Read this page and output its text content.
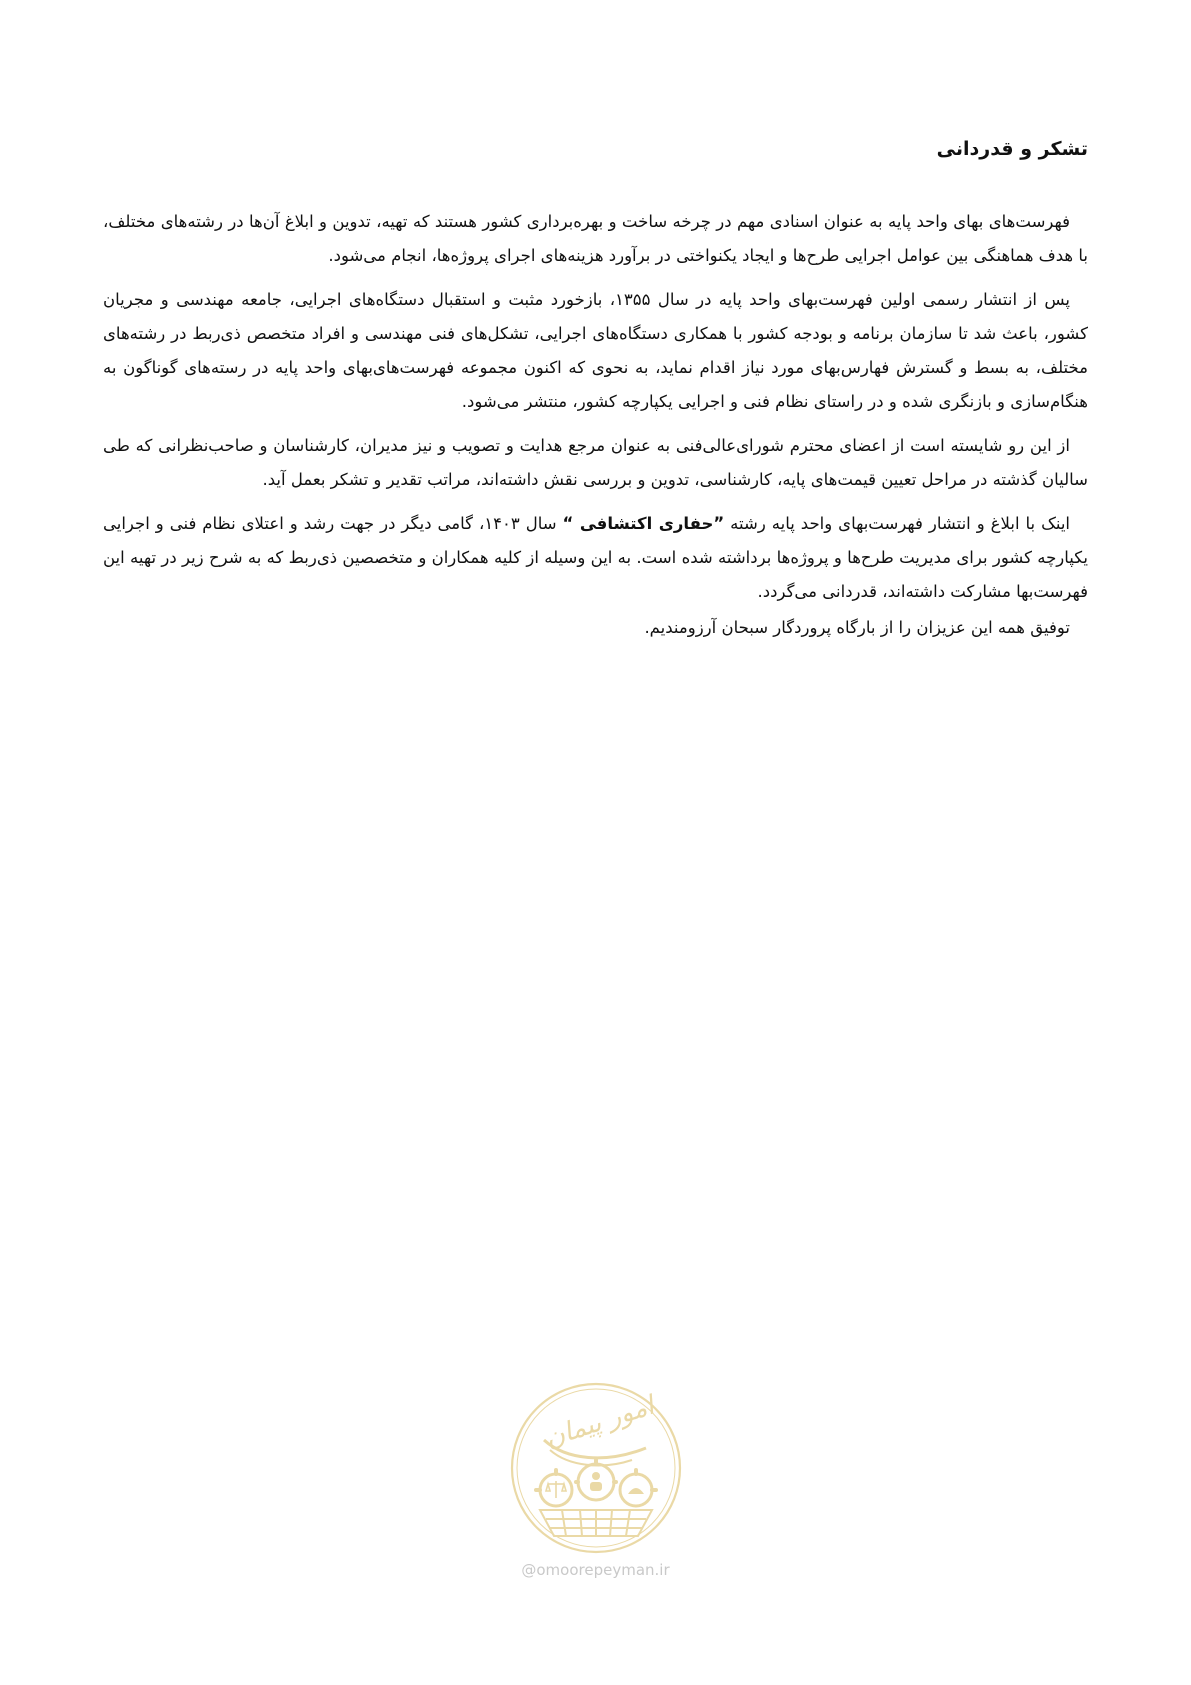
تشکر و قدردانی

فهرست‌های بهای واحد پایه به عنوان اسنادی مهم در چرخه ساخت و بهره‌برداری کشور هستند که تهیه، تدوین و ابلاغ آن‌ها در رشته‌های مختلف، با هدف هماهنگی بین عوامل اجرایی طرح‌ها و ایجاد یکنواختی در برآورد هزینه‌های اجرای پروژه‌ها، انجام می‌شود.

پس از انتشار رسمی اولین فهرست‌بهای واحد پایه در سال ۱۳۵۵، بازخورد مثبت و استقبال دستگاه‌های اجرایی، جامعه مهندسی و مجریان کشور، باعث شد تا سازمان برنامه و بودجه کشور با همکاری دستگاه‌های اجرایی، تشکل‌های فنی مهندسی و افراد متخصص ذی‌ربط در رشته‌های مختلف، به بسط و گسترش فهارس‌بهای مورد نیاز اقدام نماید، به نحوی که اکنون مجموعه فهرست‌های‌بهای واحد پایه در رسته‌های گوناگون به هنگام‌سازی و بازنگری شده و در راستای نظام فنی و اجرایی یکپارچه کشور، منتشر می‌شود.

از این رو شایسته است از اعضای محترم شورای‌عالی‌فنی به عنوان مرجع هدایت و تصویب و نیز مدیران، کارشناسان و صاحب‌نظرانی که طی سالیان گذشته در مراحل تعیین قیمت‌های پایه، کارشناسی، تدوین و بررسی نقش داشته‌اند، مراتب تقدیر و تشکر بعمل آید.

اینک با ابلاغ و انتشار فهرست‌بهای واحد پایه رشته ”حفاری اکتشافی “ سال ۱۴۰۳، گامی دیگر در جهت رشد و اعتلای نظام فنی و اجرایی یکپارچه کشور برای مدیریت طرح‌ها و پروژه‌ها برداشته شده است. به این وسیله از کلیه همکاران و متخصصین ذی‌ربط که به شرح زیر در تهیه این فهرست‌بها مشارکت داشته‌اند، قدردانی می‌گردد.

توفیق همه این عزیزان را از بارگاه پروردگار سبحان آرزومندیم.

امور پیمان
@omoorepeyman.ir
